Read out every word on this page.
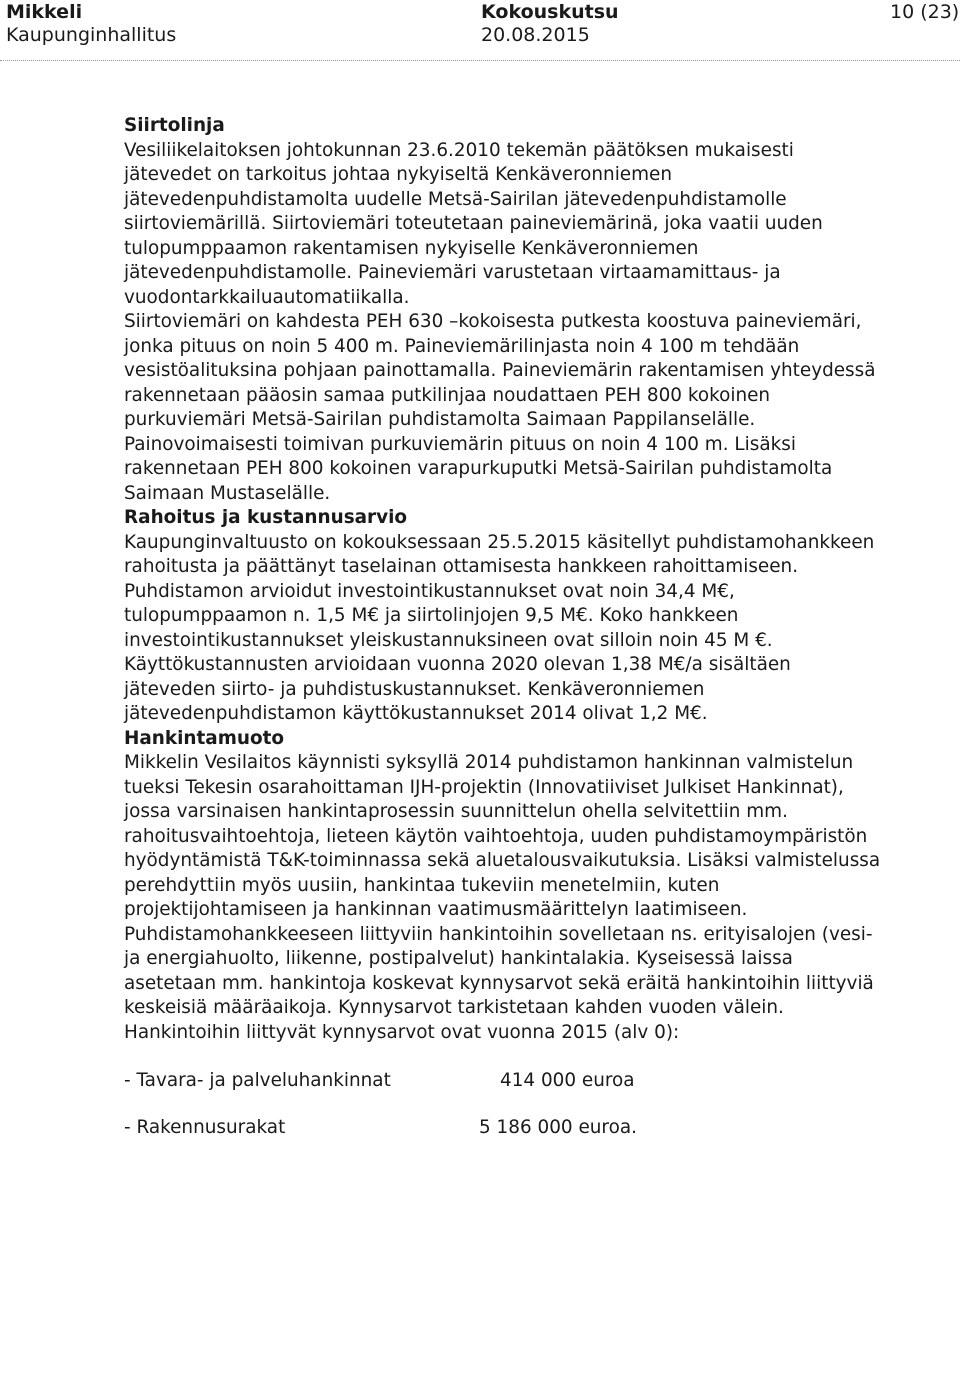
Mikkeli
Kaupunginhallitus
Kokouskutsu
20.08.2015
10 (23)
Siirtolinja

Vesiliikelaitoksen johtokunnan 23.6.2010 tekemän päätöksen mukaisesti jätevedet on tarkoitus johtaa nykyiseltä Kenkäveronniemen jätevedenpuhdistamolta uudelle Metsä-Sairilan jätevedenpuhdistamolle siirtoviemärillä. Siirtoviemäri toteutetaan paineviemärinä, joka vaatii uuden tulopumppaamon rakentamisen nykyiselle Kenkäveronniemen jätevedenpuhdistamolle. Paineviemäri varustetaan virtaamamittaus- ja vuodontarkkailuautomatiikalla.

Siirtoviemäri on kahdesta PEH 630 –kokoisesta putkesta koostuva paineviemäri, jonka pituus on noin 5 400 m. Paineviemärilinjasta noin 4 100 m tehdään vesistöalituksina pohjaan painottamalla. Paineviemärin rakentamisen yhteydessä rakennetaan pääosin samaa putkilinjaa noudattaen PEH 800 kokoinen purkuviemäri Metsä-Sairilan puhdistamolta Saimaan Pappilanselälle. Painovoimaisesti toimivan purkuviemärin pituus on noin 4 100 m. Lisäksi rakennetaan PEH 800 kokoinen varapurkuputki Metsä-Sairilan puhdistamolta Saimaan Mustaselälle.

Rahoitus ja kustannusarvio

Kaupunginvaltuusto on kokouksessaan 25.5.2015 käsitellyt puhdistamohankkeen rahoitusta ja päättänyt taselainan ottamisesta hankkeen rahoittamiseen.

Puhdistamon arvioidut investointikustannukset ovat noin 34,4 M€, tulopumppaamon n. 1,5 M€ ja siirtolinjojen 9,5 M€. Koko hankkeen investointikustannukset yleiskustannuksineen ovat silloin noin 45 M €. Käyttökustannusten arvioidaan vuonna 2020 olevan 1,38 M€/a sisältäen jäteveden siirto- ja puhdistuskustannukset. Kenkäveronniemen jätevedenpuhdistamon käyttökustannukset 2014 olivat 1,2 M€.

Hankintamuoto

Mikkelin Vesilaitos käynnisti syksyllä 2014 puhdistamon hankinnan valmistelun tueksi Tekesin osarahoittaman IJH-projektin (Innovatiiviset Julkiset Hankinnat), jossa varsinaisen hankintaprosessin suunnittelun ohella selvitettiin mm. rahoitusvaihtoehtoja, lieteen käytön vaihtoehtoja, uuden puhdistamoympäristön hyödyntämistä T&K-toiminnassa sekä aluetalousvaikutuksia. Lisäksi valmistelussa perehdyttiin myös uusiin, hankintaa tukeviin menetelmiin, kuten projektijohtamiseen ja hankinnan vaatimusmäärittelyn laatimiseen.

Puhdistamohankkeeseen liittyviin hankintoihin sovelletaan ns. erityisalojen (vesi- ja energiahuolto, liikenne, postipalvelut) hankintalakia. Kyseisessä laissa asetetaan mm. hankintoja koskevat kynnysarvot sekä eräitä hankintoihin liittyviä keskeisiä määräaikoja. Kynnysarvot tarkistetaan kahden vuoden välein.

Hankintoihin liittyvät kynnysarvot ovat vuonna 2015 (alv 0):

- Tavara- ja palveluhankinnat	414 000 euroa
- Rakennusurakat	5 186 000 euroa.
